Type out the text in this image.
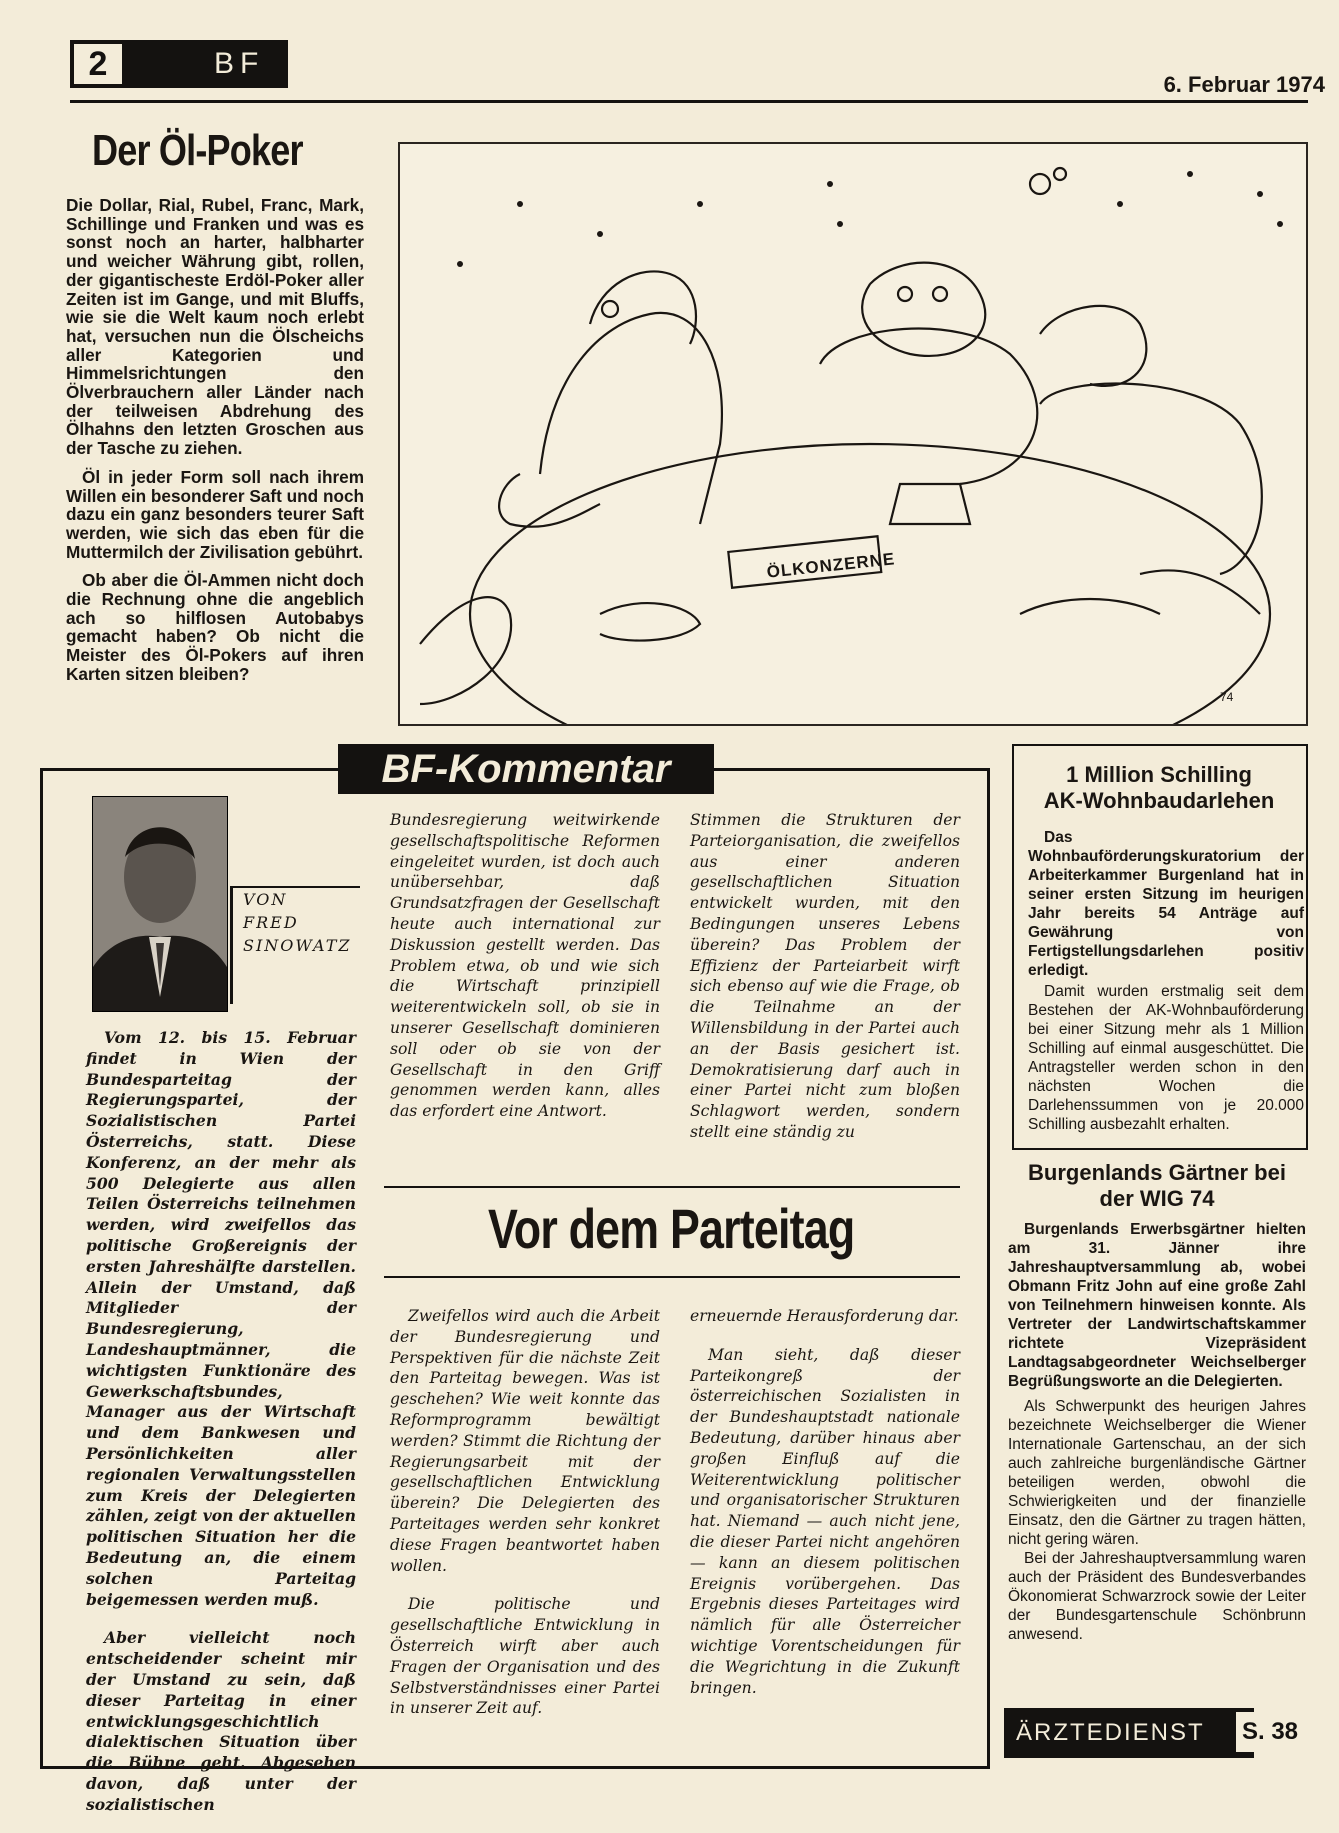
2	BF
6. Februar 1974
Der Öl-Poker

Die Dollar, Rial, Rubel, Franc, Mark, Schillinge und Franken und was es sonst noch an harter, halbharter und weicher Währung gibt, rollen, der gigantischeste Erdöl-Poker aller Zeiten ist im Gange, und mit Bluffs, wie sie die Welt kaum noch erlebt hat, versuchen nun die Ölscheichs aller Kategorien und Himmelsrichtungen den Ölverbrauchern aller Länder nach der teilweisen Abdrehung des Ölhahns den letzten Groschen aus der Tasche zu ziehen.

Öl in jeder Form soll nach ihrem Willen ein besonderer Saft und noch dazu ein ganz besonders teurer Saft werden, wie sich das eben für die Muttermilch der Zivilisation gebührt.

Ob aber die Öl-Ammen nicht doch die Rechnung ohne die angeblich ach so hilflosen Autobabys gemacht haben? Ob nicht die Meister des Öl-Pokers auf ihren Karten sitzen bleiben?

ÖLKONZERNE
74
BF-Kommentar
VON
FRED
SINOWATZ

Vom 12. bis 15. Februar findet in Wien der Bundesparteitag der Regierungspartei, der Sozialistischen Partei Österreichs, statt. Diese Konferenz, an der mehr als 500 Delegierte aus allen Teilen Österreichs teilnehmen werden, wird zweifellos das politische Großereignis der ersten Jahreshälfte darstellen. Allein der Umstand, daß Mitglieder der Bundesregierung, Landeshauptmänner, die wichtigsten Funktionäre des Gewerkschaftsbundes, Manager aus der Wirtschaft und dem Bankwesen und Persönlichkeiten aller regionalen Verwaltungsstellen zum Kreis der Delegierten zählen, zeigt von der aktuellen politischen Situation her die Bedeutung an, die einem solchen Parteitag beigemessen werden muß.

Aber vielleicht noch entscheidender scheint mir der Umstand zu sein, daß dieser Parteitag in einer entwicklungsgeschichtlich dialektischen Situation über die Bühne geht. Abgesehen davon, daß unter der sozialistischen

Bundesregierung weitwirkende gesellschaftspolitische Reformen eingeleitet wurden, ist doch auch unübersehbar, daß Grundsatzfragen der Gesellschaft heute auch international zur Diskussion gestellt werden. Das Problem etwa, ob und wie sich die Wirtschaft prinzipiell weiterentwickeln soll, ob sie in unserer Gesellschaft dominieren soll oder ob sie von der Gesellschaft in den Griff genommen werden kann, alles das erfordert eine Antwort.

Stimmen die Strukturen der Parteiorganisation, die zweifellos aus einer anderen gesellschaftlichen Situation entwickelt wurden, mit den Bedingungen unseres Lebens überein? Das Problem der Effizienz der Parteiarbeit wirft sich ebenso auf wie die Frage, ob die Teilnahme an der Willensbildung in der Partei auch an der Basis gesichert ist. Demokratisierung darf auch in einer Partei nicht zum bloßen Schlagwort werden, sondern stellt eine ständig zu

Vor dem Parteitag

Zweifellos wird auch die Arbeit der Bundesregierung und Perspektiven für die nächste Zeit den Parteitag bewegen. Was ist geschehen? Wie weit konnte das Reformprogramm bewältigt werden? Stimmt die Richtung der Regierungsarbeit mit der gesellschaftlichen Entwicklung überein? Die Delegierten des Parteitages werden sehr konkret diese Fragen beantwortet haben wollen.

Die politische und gesellschaftliche Entwicklung in Österreich wirft aber auch Fragen der Organisation und des Selbstverständnisses einer Partei in unserer Zeit auf.

erneuernde Herausforderung dar.

Man sieht, daß dieser Parteikongreß der österreichischen Sozialisten in der Bundeshauptstadt nationale Bedeutung, darüber hinaus aber großen Einfluß auf die Weiterentwicklung politischer und organisatorischer Strukturen hat. Niemand — auch nicht jene, die dieser Partei nicht angehören — kann an diesem politischen Ereignis vorübergehen. Das Ergebnis dieses Parteitages wird nämlich für alle Österreicher wichtige Vorentscheidungen für die Wegrichtung in die Zukunft bringen.

1 Million Schilling
AK-Wohnbaudarlehen

Das Wohnbauförderungskuratorium der Arbeiterkammer Burgenland hat in seiner ersten Sitzung im heurigen Jahr bereits 54 Anträge auf Gewährung von Fertigstellungsdarlehen positiv erledigt.

Damit wurden erstmalig seit dem Bestehen der AK-Wohnbauförderung bei einer Sitzung mehr als 1 Million Schilling auf einmal ausgeschüttet. Die Antragsteller werden schon in den nächsten Wochen die Darlehenssummen von je 20.000 Schilling ausbezahlt erhalten.

Burgenlands Gärtner bei
der WIG 74

Burgenlands Erwerbsgärtner hielten am 31. Jänner ihre Jahreshauptversammlung ab, wobei Obmann Fritz John auf eine große Zahl von Teilnehmern hinweisen konnte. Als Vertreter der Landwirtschaftskammer richtete Vizepräsident Landtagsabgeordneter Weichselberger Begrüßungsworte an die Delegierten.

Als Schwerpunkt des heurigen Jahres bezeichnete Weichselberger die Wiener Internationale Gartenschau, an der sich auch zahlreiche burgenländische Gärtner beteiligen werden, obwohl die Schwierigkeiten und der finanzielle Einsatz, den die Gärtner zu tragen hätten, nicht gering wären.

Bei der Jahreshauptversammlung waren auch der Präsident des Bundesverbandes Ökonomierat Schwarzrock sowie der Leiter der Bundesgartenschule Schönbrunn anwesend.

ÄRZTEDIENST S. 38
